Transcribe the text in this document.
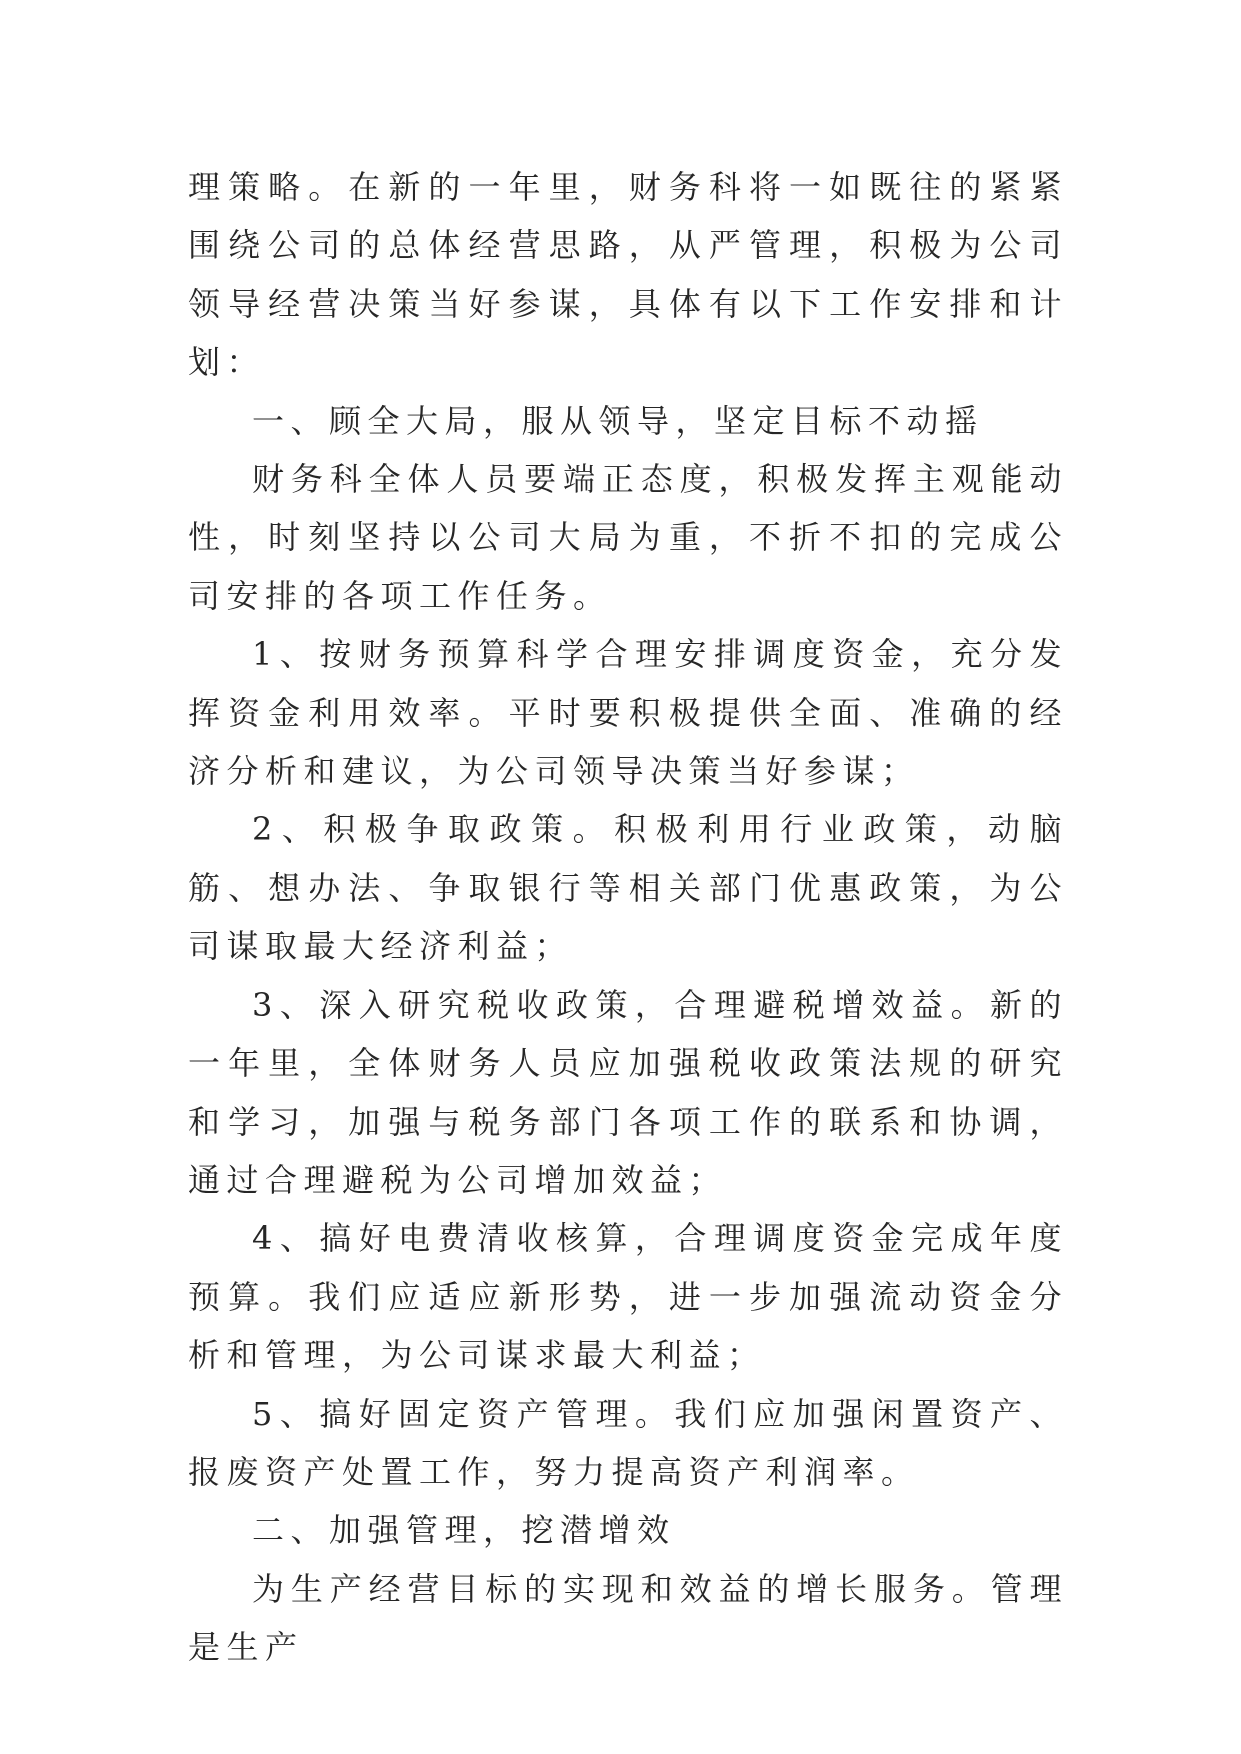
理策略。在新的一年里，财务科将一如既往的紧紧围绕公司的总体经营思路，从严管理，积极为公司领导经营决策当好参谋，具体有以下工作安排和计划：

一、顾全大局，服从领导，坚定目标不动摇

财务科全体人员要端正态度，积极发挥主观能动性，时刻坚持以公司大局为重，不折不扣的完成公司安排的各项工作任务。

1、按财务预算科学合理安排调度资金，充分发挥资金利用效率。平时要积极提供全面、准确的经济分析和建议，为公司领导决策当好参谋；

2、积极争取政策。积极利用行业政策，动脑筋、想办法、争取银行等相关部门优惠政策，为公司谋取最大经济利益；

3、深入研究税收政策，合理避税增效益。新的一年里，全体财务人员应加强税收政策法规的研究和学习，加强与税务部门各项工作的联系和协调，通过合理避税为公司增加效益；

4、搞好电费清收核算，合理调度资金完成年度预算。我们应适应新形势，进一步加强流动资金分析和管理，为公司谋求最大利益；

5、搞好固定资产管理。我们应加强闲置资产、报废资产处置工作，努力提高资产利润率。

二、加强管理，挖潜增效

为生产经营目标的实现和效益的增长服务。管理是生产
